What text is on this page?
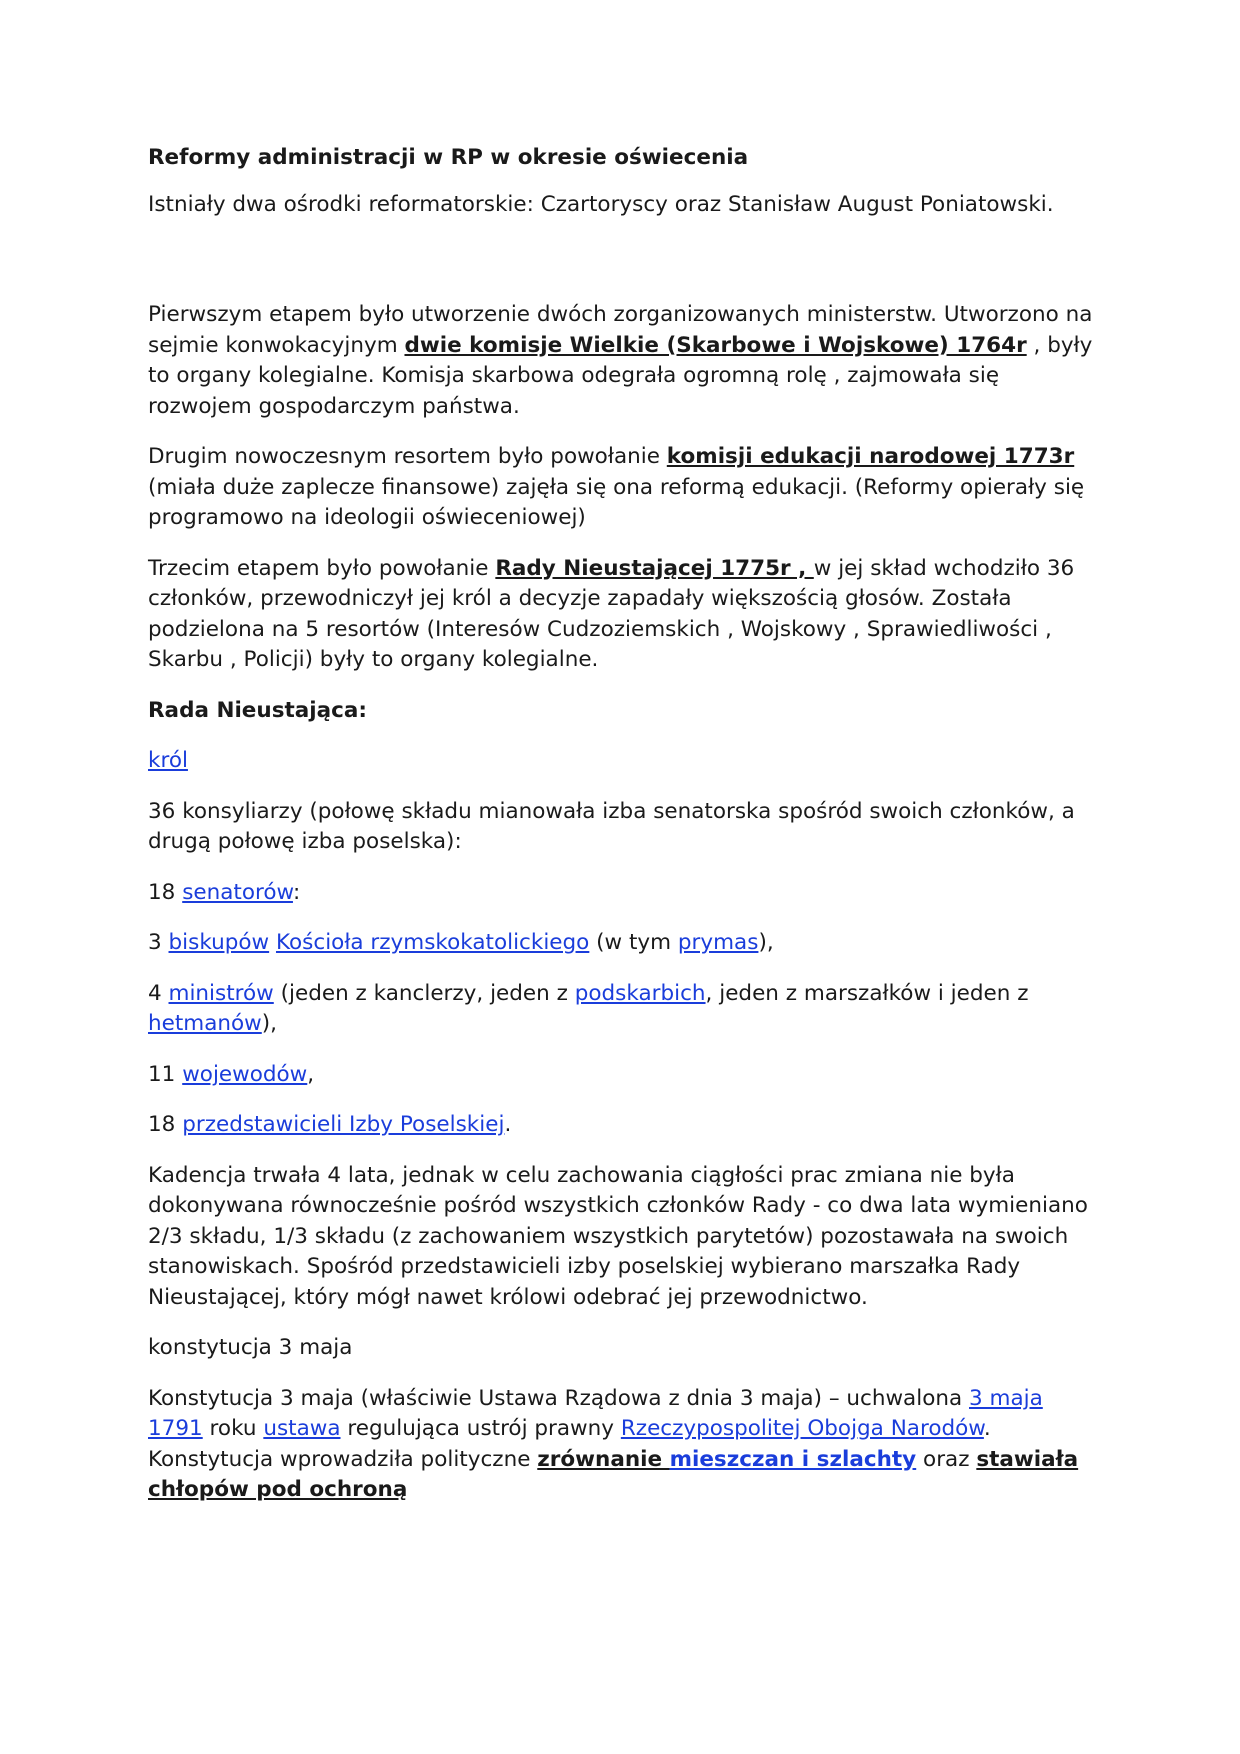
Reformy administracji w RP w okresie oświecenia

Istniały dwa ośrodki reformatorskie: Czartoryscy oraz Stanisław August Poniatowski.

Pierwszym etapem było utworzenie dwóch zorganizowanych ministerstw. Utworzono na sejmie konwokacyjnym dwie komisje Wielkie (Skarbowe i Wojskowe) 1764r , były to organy kolegialne. Komisja skarbowa odegrała ogromną rolę , zajmowała się rozwojem gospodarczym państwa.

Drugim nowoczesnym resortem było powołanie komisji edukacji narodowej 1773r (miała duże zaplecze finansowe) zajęła się ona reformą edukacji. (Reformy opierały się programowo na ideologii oświeceniowej)

Trzecim etapem było powołanie Rady Nieustającej 1775r , w jej skład wchodziło 36 członków, przewodniczył jej król a decyzje zapadały większością głosów. Została podzielona na 5 resortów (Interesów Cudzoziemskich , Wojskowy , Sprawiedliwości , Skarbu , Policji) były to organy kolegialne.

Rada Nieustająca:

król

36 konsyliarzy (połowę składu mianowała izba senatorska spośród swoich członków, a drugą połowę izba poselska):

18 senatorów:

3 biskupów Kościoła rzymskokatolickiego (w tym prymas),

4 ministrów (jeden z kanclerzy, jeden z podskarbich, jeden z marszałków i jeden z hetmanów),

11 wojewodów,

18 przedstawicieli Izby Poselskiej.

Kadencja trwała 4 lata, jednak w celu zachowania ciągłości prac zmiana nie była dokonywana równocześnie pośród wszystkich członków Rady - co dwa lata wymieniano 2/3 składu, 1/3 składu (z zachowaniem wszystkich parytetów) pozostawała na swoich stanowiskach. Spośród przedstawicieli izby poselskiej wybierano marszałka Rady Nieustającej, który mógł nawet królowi odebrać jej przewodnictwo.

konstytucja 3 maja

Konstytucja 3 maja (właściwie Ustawa Rządowa z dnia 3 maja) – uchwalona 3 maja 1791 roku ustawa regulująca ustrój prawny Rzeczypospolitej Obojga Narodów. Konstytucja wprowadziła polityczne zrównanie mieszczan i szlachty oraz stawiała chłopów pod ochroną
